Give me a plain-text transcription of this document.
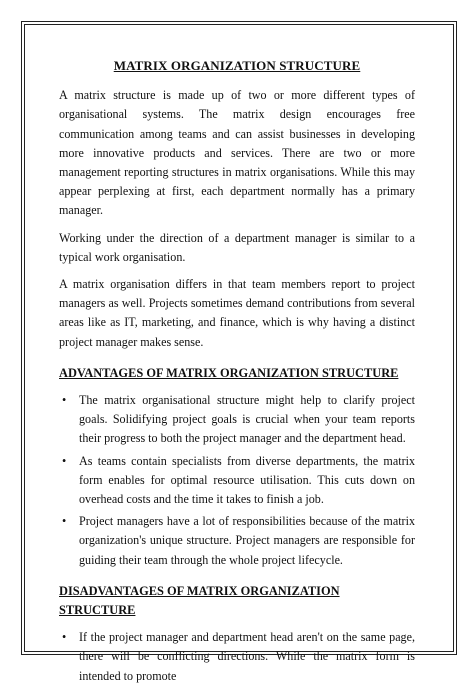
MATRIX ORGANIZATION STRUCTURE

A matrix structure is made up of two or more different types of organisational systems. The matrix design encourages free communication among teams and can assist businesses in developing more innovative products and services. There are two or more management reporting structures in matrix organisations. While this may appear perplexing at first, each department normally has a primary manager.

Working under the direction of a department manager is similar to a typical work organisation.

A matrix organisation differs in that team members report to project managers as well. Projects sometimes demand contributions from several areas like as IT, marketing, and finance, which is why having a distinct project manager makes sense.

ADVANTAGES OF MATRIX ORGANIZATION STRUCTURE
• The matrix organisational structure might help to clarify project goals. Solidifying project goals is crucial when your team reports their progress to both the project manager and the department head.
• As teams contain specialists from diverse departments, the matrix form enables for optimal resource utilisation. This cuts down on overhead costs and the time it takes to finish a job.
• Project managers have a lot of responsibilities because of the matrix organization's unique structure. Project managers are responsible for guiding their team through the whole project lifecycle.
DISADVANTAGES OF MATRIX ORGANIZATION STRUCTURE
• If the project manager and department head aren't on the same page, there will be conflicting directions. While the matrix form is intended to promote
